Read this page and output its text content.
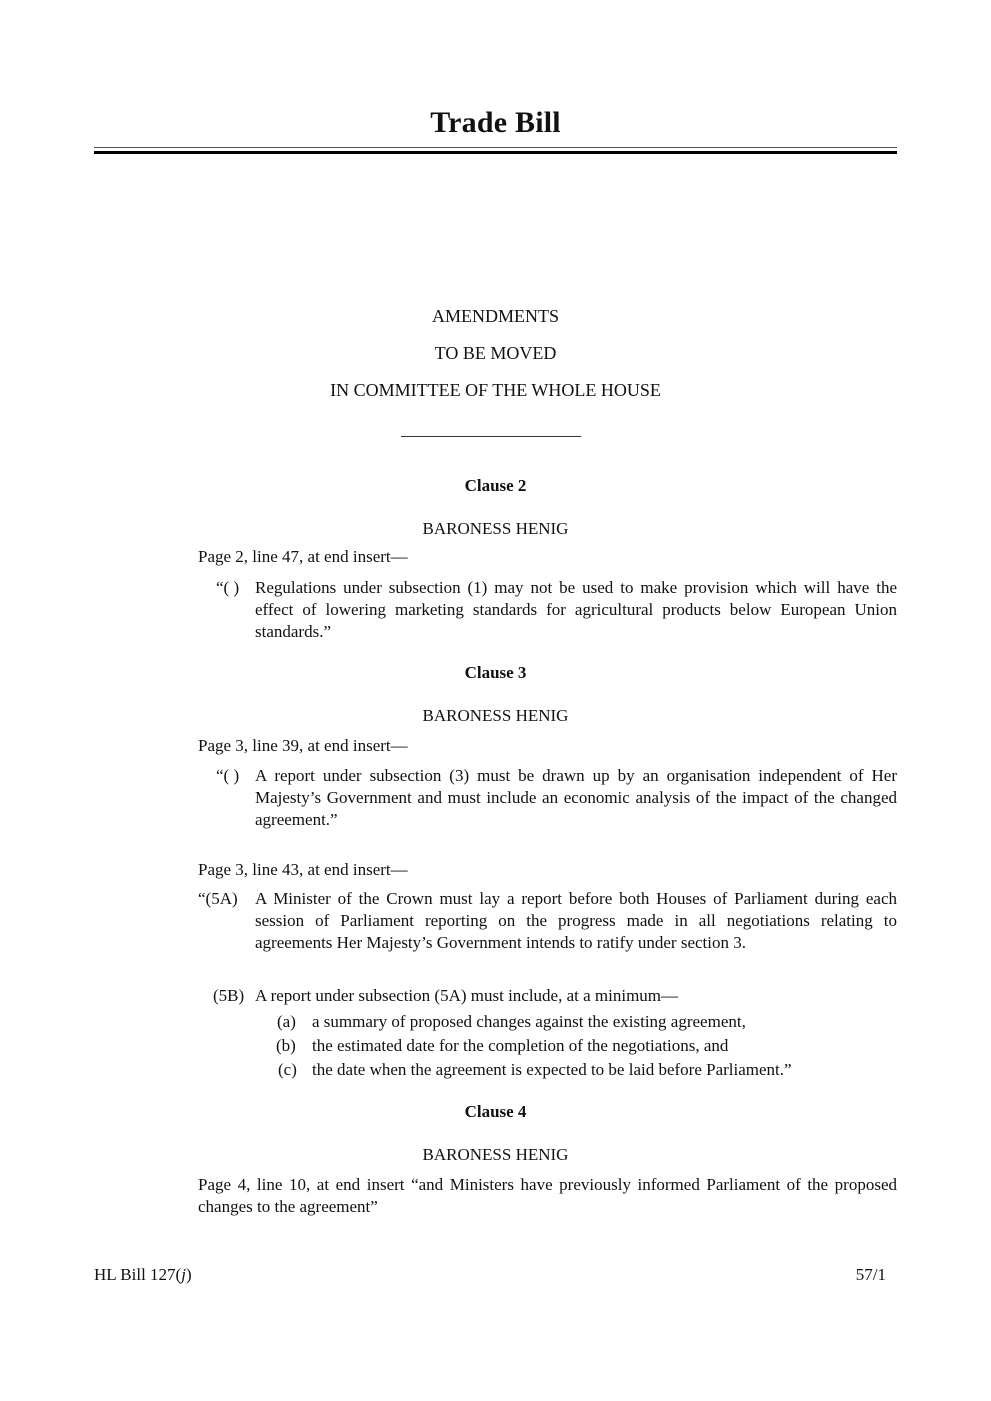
Trade Bill
AMENDMENTS
TO BE MOVED
IN COMMITTEE OF THE WHOLE HOUSE
Clause 2
BARONESS HENIG
Page 2, line 47, at end insert—
“( ) Regulations under subsection (1) may not be used to make provision which will have the effect of lowering marketing standards for agricultural products below European Union standards.”
Clause 3
BARONESS HENIG
Page 3, line 39, at end insert—
“( ) A report under subsection (3) must be drawn up by an organisation independent of Her Majesty’s Government and must include an economic analysis of the impact of the changed agreement.”
Page 3, line 43, at end insert—
“(5A) A Minister of the Crown must lay a report before both Houses of Parliament during each session of Parliament reporting on the progress made in all negotiations relating to agreements Her Majesty’s Government intends to ratify under section 3.
(5B) A report under subsection (5A) must include, at a minimum—
(a) a summary of proposed changes against the existing agreement,
(b) the estimated date for the completion of the negotiations, and
(c) the date when the agreement is expected to be laid before Parliament.”
Clause 4
BARONESS HENIG
Page 4, line 10, at end insert “and Ministers have previously informed Parliament of the proposed changes to the agreement”
HL Bill 127(j)	57/1
